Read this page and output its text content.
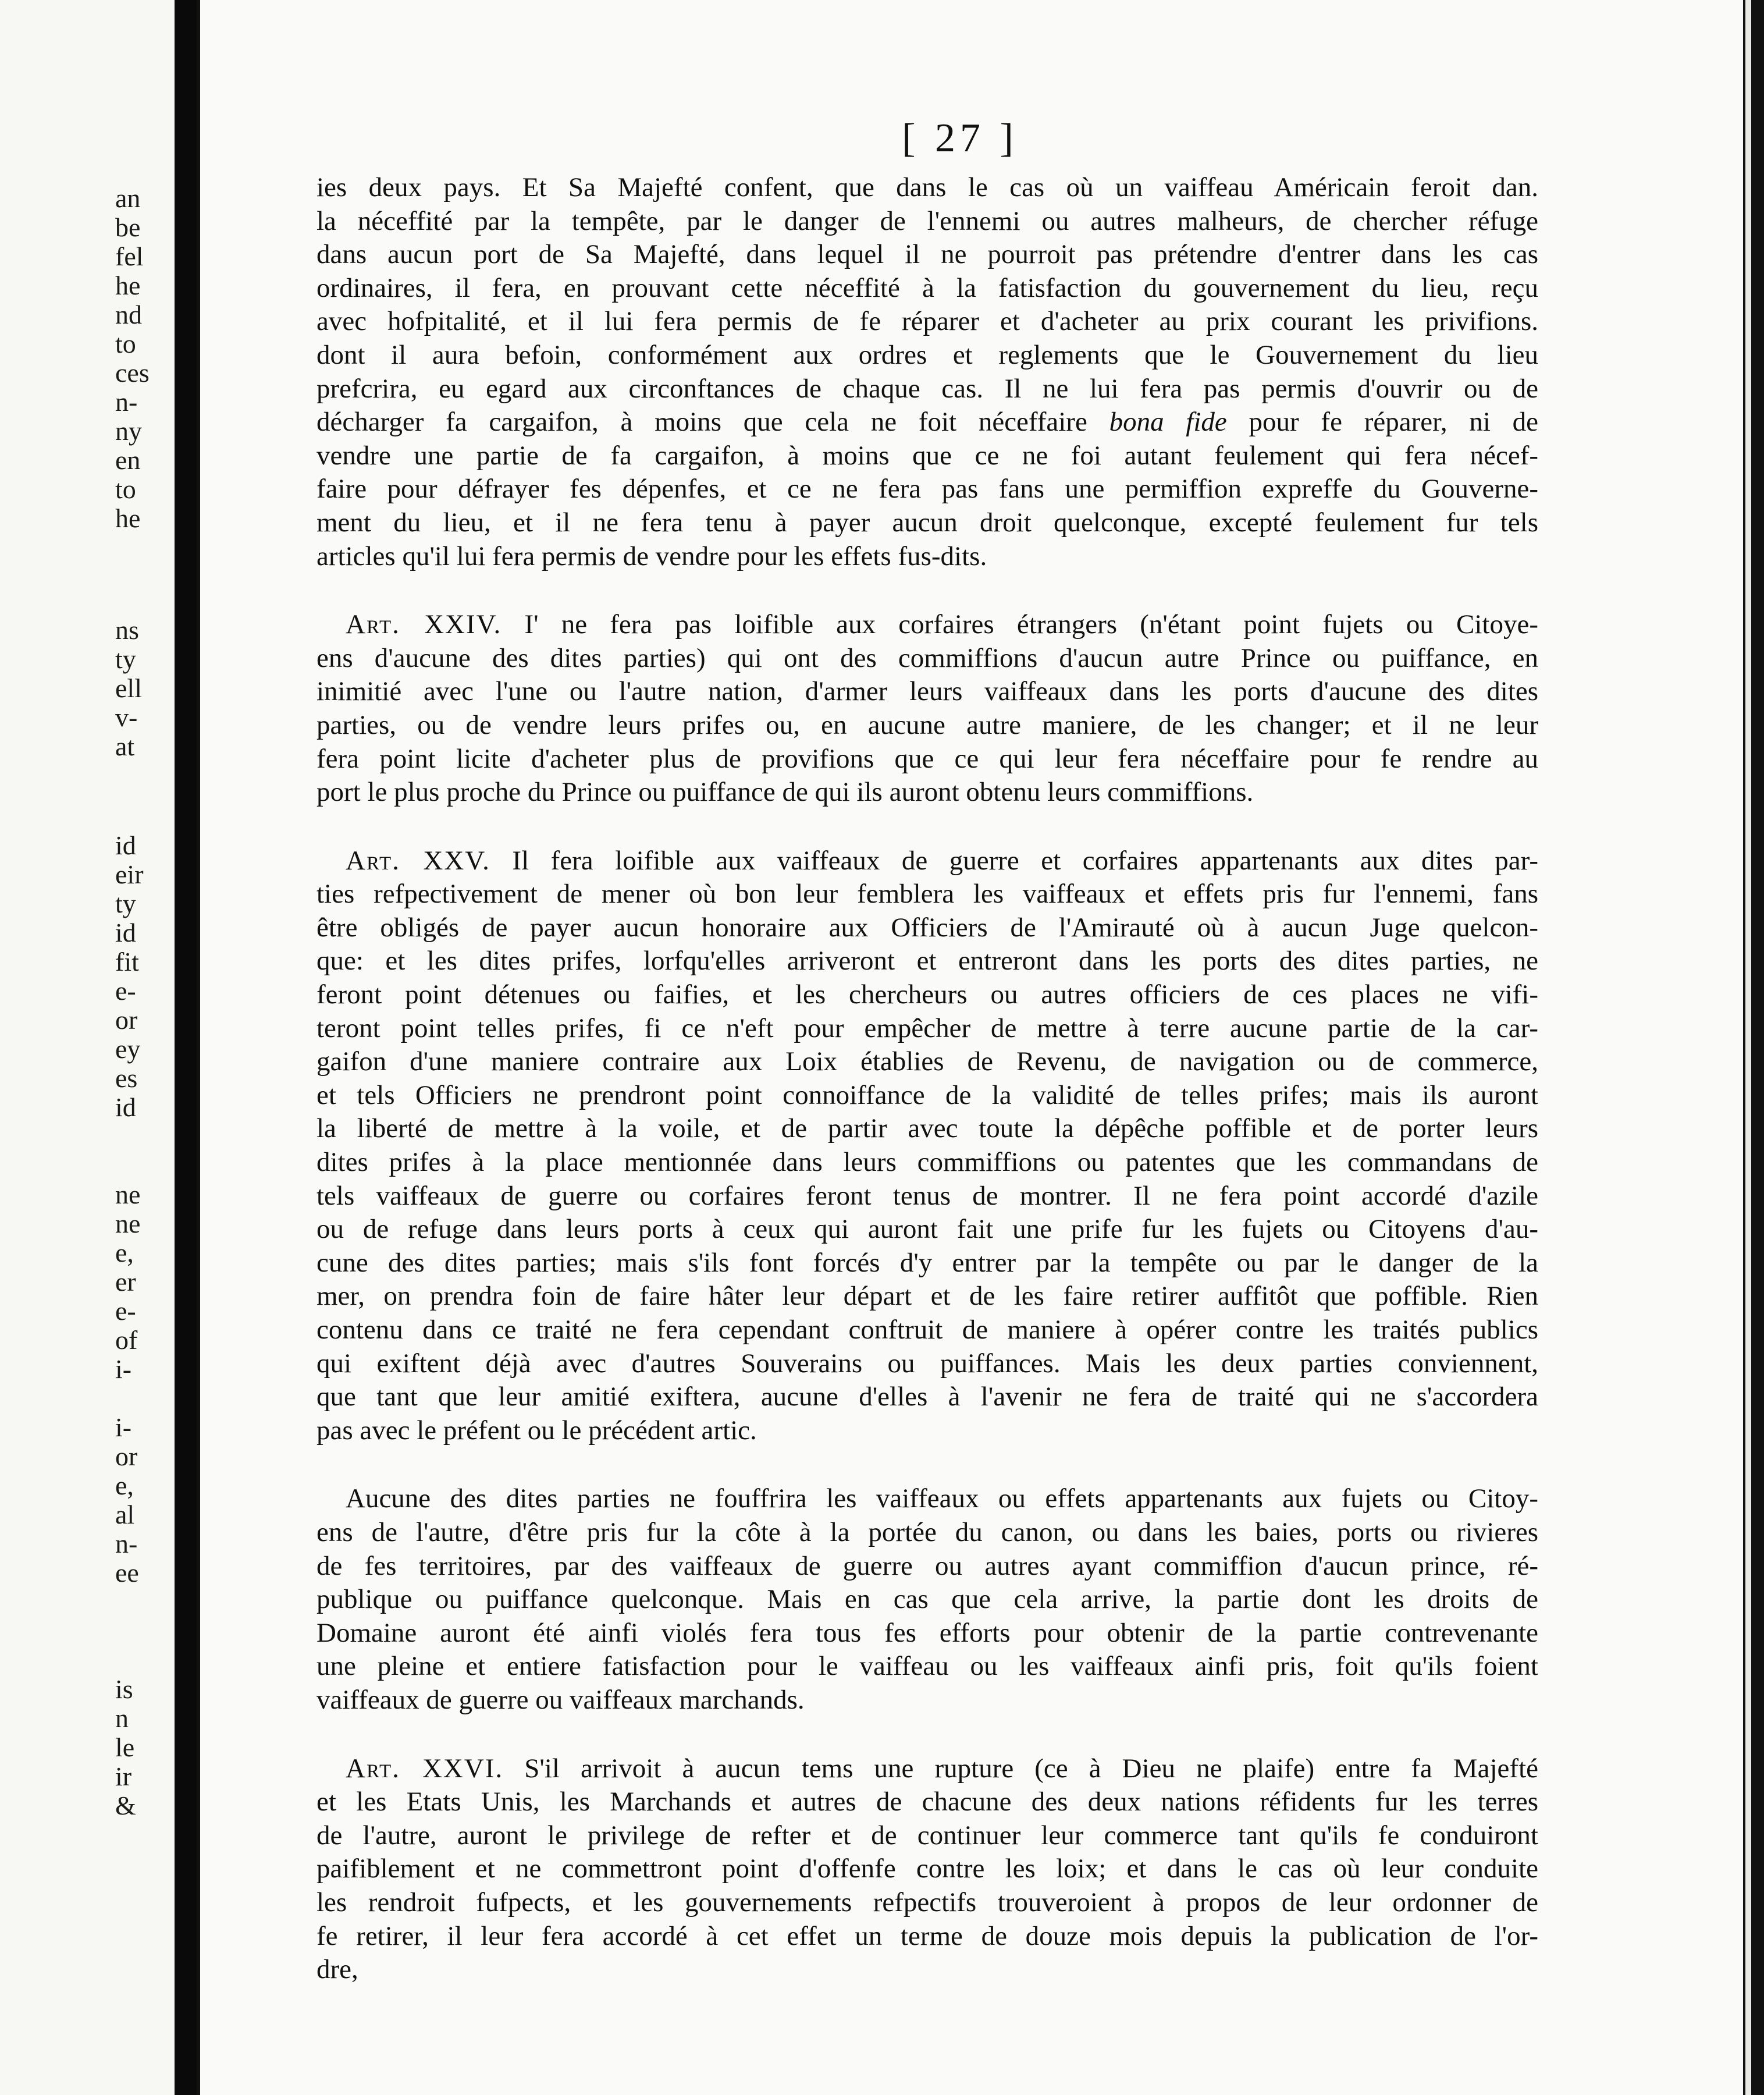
an
be
fel
he
nd
to
ces
n-
ny
en
to
he
ns
ty
ell
v-
at
id
eir
ty
id
fit
e-
or
ey
es
id
ne
ne
e,
er
e-
of
i-
i-
or
e,
al
n-
ee
is
n
le
ir
&
[ 27 ]
ies deux pays. Et Sa Majefté confent, que dans le cas où un vaiffeau Américain feroit dan.
la néceffité par la tempête, par le danger de l'ennemi ou autres malheurs, de chercher réfuge
dans aucun port de Sa Majefté, dans lequel il ne pourroit pas prétendre d'entrer dans les cas
ordinaires, il fera, en prouvant cette néceffité à la fatisfaction du gouvernement du lieu, reçu
avec hofpitalité, et il lui fera permis de fe réparer et d'acheter au prix courant les privifions.
dont il aura befoin, conformément aux ordres et reglements que le Gouvernement du lieu
prefcrira, eu egard aux circonftances de chaque cas. Il ne lui fera pas permis d'ouvrir ou de
décharger fa cargaifon, à moins que cela ne foit néceffaire bona fide pour fe réparer, ni de
vendre une partie de fa cargaifon, à moins que ce ne foi autant feulement qui fera nécef-
faire pour défrayer fes dépenfes, et ce ne fera pas fans une permiffion expreffe du Gouverne-
ment du lieu, et il ne fera tenu à payer aucun droit quelconque, excepté feulement fur tels
articles qu'il lui fera permis de vendre pour les effets fus-dits.
Art. XXIV. I' ne fera pas loifible aux corfaires étrangers (n'étant point fujets ou Citoye-
ens d'aucune des dites parties) qui ont des commiffions d'aucun autre Prince ou puiffance, en
inimitié avec l'une ou l'autre nation, d'armer leurs vaiffeaux dans les ports d'aucune des dites
parties, ou de vendre leurs prifes ou, en aucune autre maniere, de les changer; et il ne leur
fera point licite d'acheter plus de provifions que ce qui leur fera néceffaire pour fe rendre au
port le plus proche du Prince ou puiffance de qui ils auront obtenu leurs commiffions.
Art. XXV. Il fera loifible aux vaiffeaux de guerre et corfaires appartenants aux dites par-
ties refpectivement de mener où bon leur femblera les vaiffeaux et effets pris fur l'ennemi, fans
être obligés de payer aucun honoraire aux Officiers de l'Amirauté où à aucun Juge quelcon-
que: et les dites prifes, lorfqu'elles arriveront et entreront dans les ports des dites parties, ne
feront point détenues ou faifies, et les chercheurs ou autres officiers de ces places ne vifi-
teront point telles prifes, fi ce n'eft pour empêcher de mettre à terre aucune partie de la car-
gaifon d'une maniere contraire aux Loix établies de Revenu, de navigation ou de commerce,
et tels Officiers ne prendront point connoiffance de la validité de telles prifes; mais ils auront
la liberté de mettre à la voile, et de partir avec toute la dépêche poffible et de porter leurs
dites prifes à la place mentionnée dans leurs commiffions ou patentes que les commandans de
tels vaiffeaux de guerre ou corfaires feront tenus de montrer. Il ne fera point accordé d'azile
ou de refuge dans leurs ports à ceux qui auront fait une prife fur les fujets ou Citoyens d'au-
cune des dites parties; mais s'ils font forcés d'y entrer par la tempête ou par le danger de la
mer, on prendra foin de faire hâter leur départ et de les faire retirer auffitôt que poffible. Rien
contenu dans ce traité ne fera cependant conftruit de maniere à opérer contre les traités publics
qui exiftent déjà avec d'autres Souverains ou puiffances. Mais les deux parties conviennent,
que tant que leur amitié exiftera, aucune d'elles à l'avenir ne fera de traité qui ne s'accordera
pas avec le préfent ou le précédent artic.
Aucune des dites parties ne fouffrira les vaiffeaux ou effets appartenants aux fujets ou Citoy-
ens de l'autre, d'être pris fur la côte à la portée du canon, ou dans les baies, ports ou rivieres
de fes territoires, par des vaiffeaux de guerre ou autres ayant commiffion d'aucun prince, ré-
publique ou puiffance quelconque. Mais en cas que cela arrive, la partie dont les droits de
Domaine auront été ainfi violés fera tous fes efforts pour obtenir de la partie contrevenante
une pleine et entiere fatisfaction pour le vaiffeau ou les vaiffeaux ainfi pris, foit qu'ils foient
vaiffeaux de guerre ou vaiffeaux marchands.
Art. XXVI. S'il arrivoit à aucun tems une rupture (ce à Dieu ne plaife) entre fa Majefté
et les Etats Unis, les Marchands et autres de chacune des deux nations réfidents fur les terres
de l'autre, auront le privilege de refter et de continuer leur commerce tant qu'ils fe conduiront
paifiblement et ne commettront point d'offenfe contre les loix; et dans le cas où leur conduite
les rendroit fufpects, et les gouvernements refpectifs trouveroient à propos de leur ordonner de
fe retirer, il leur fera accordé à cet effet un terme de douze mois depuis la publication de l'or-
dre,
